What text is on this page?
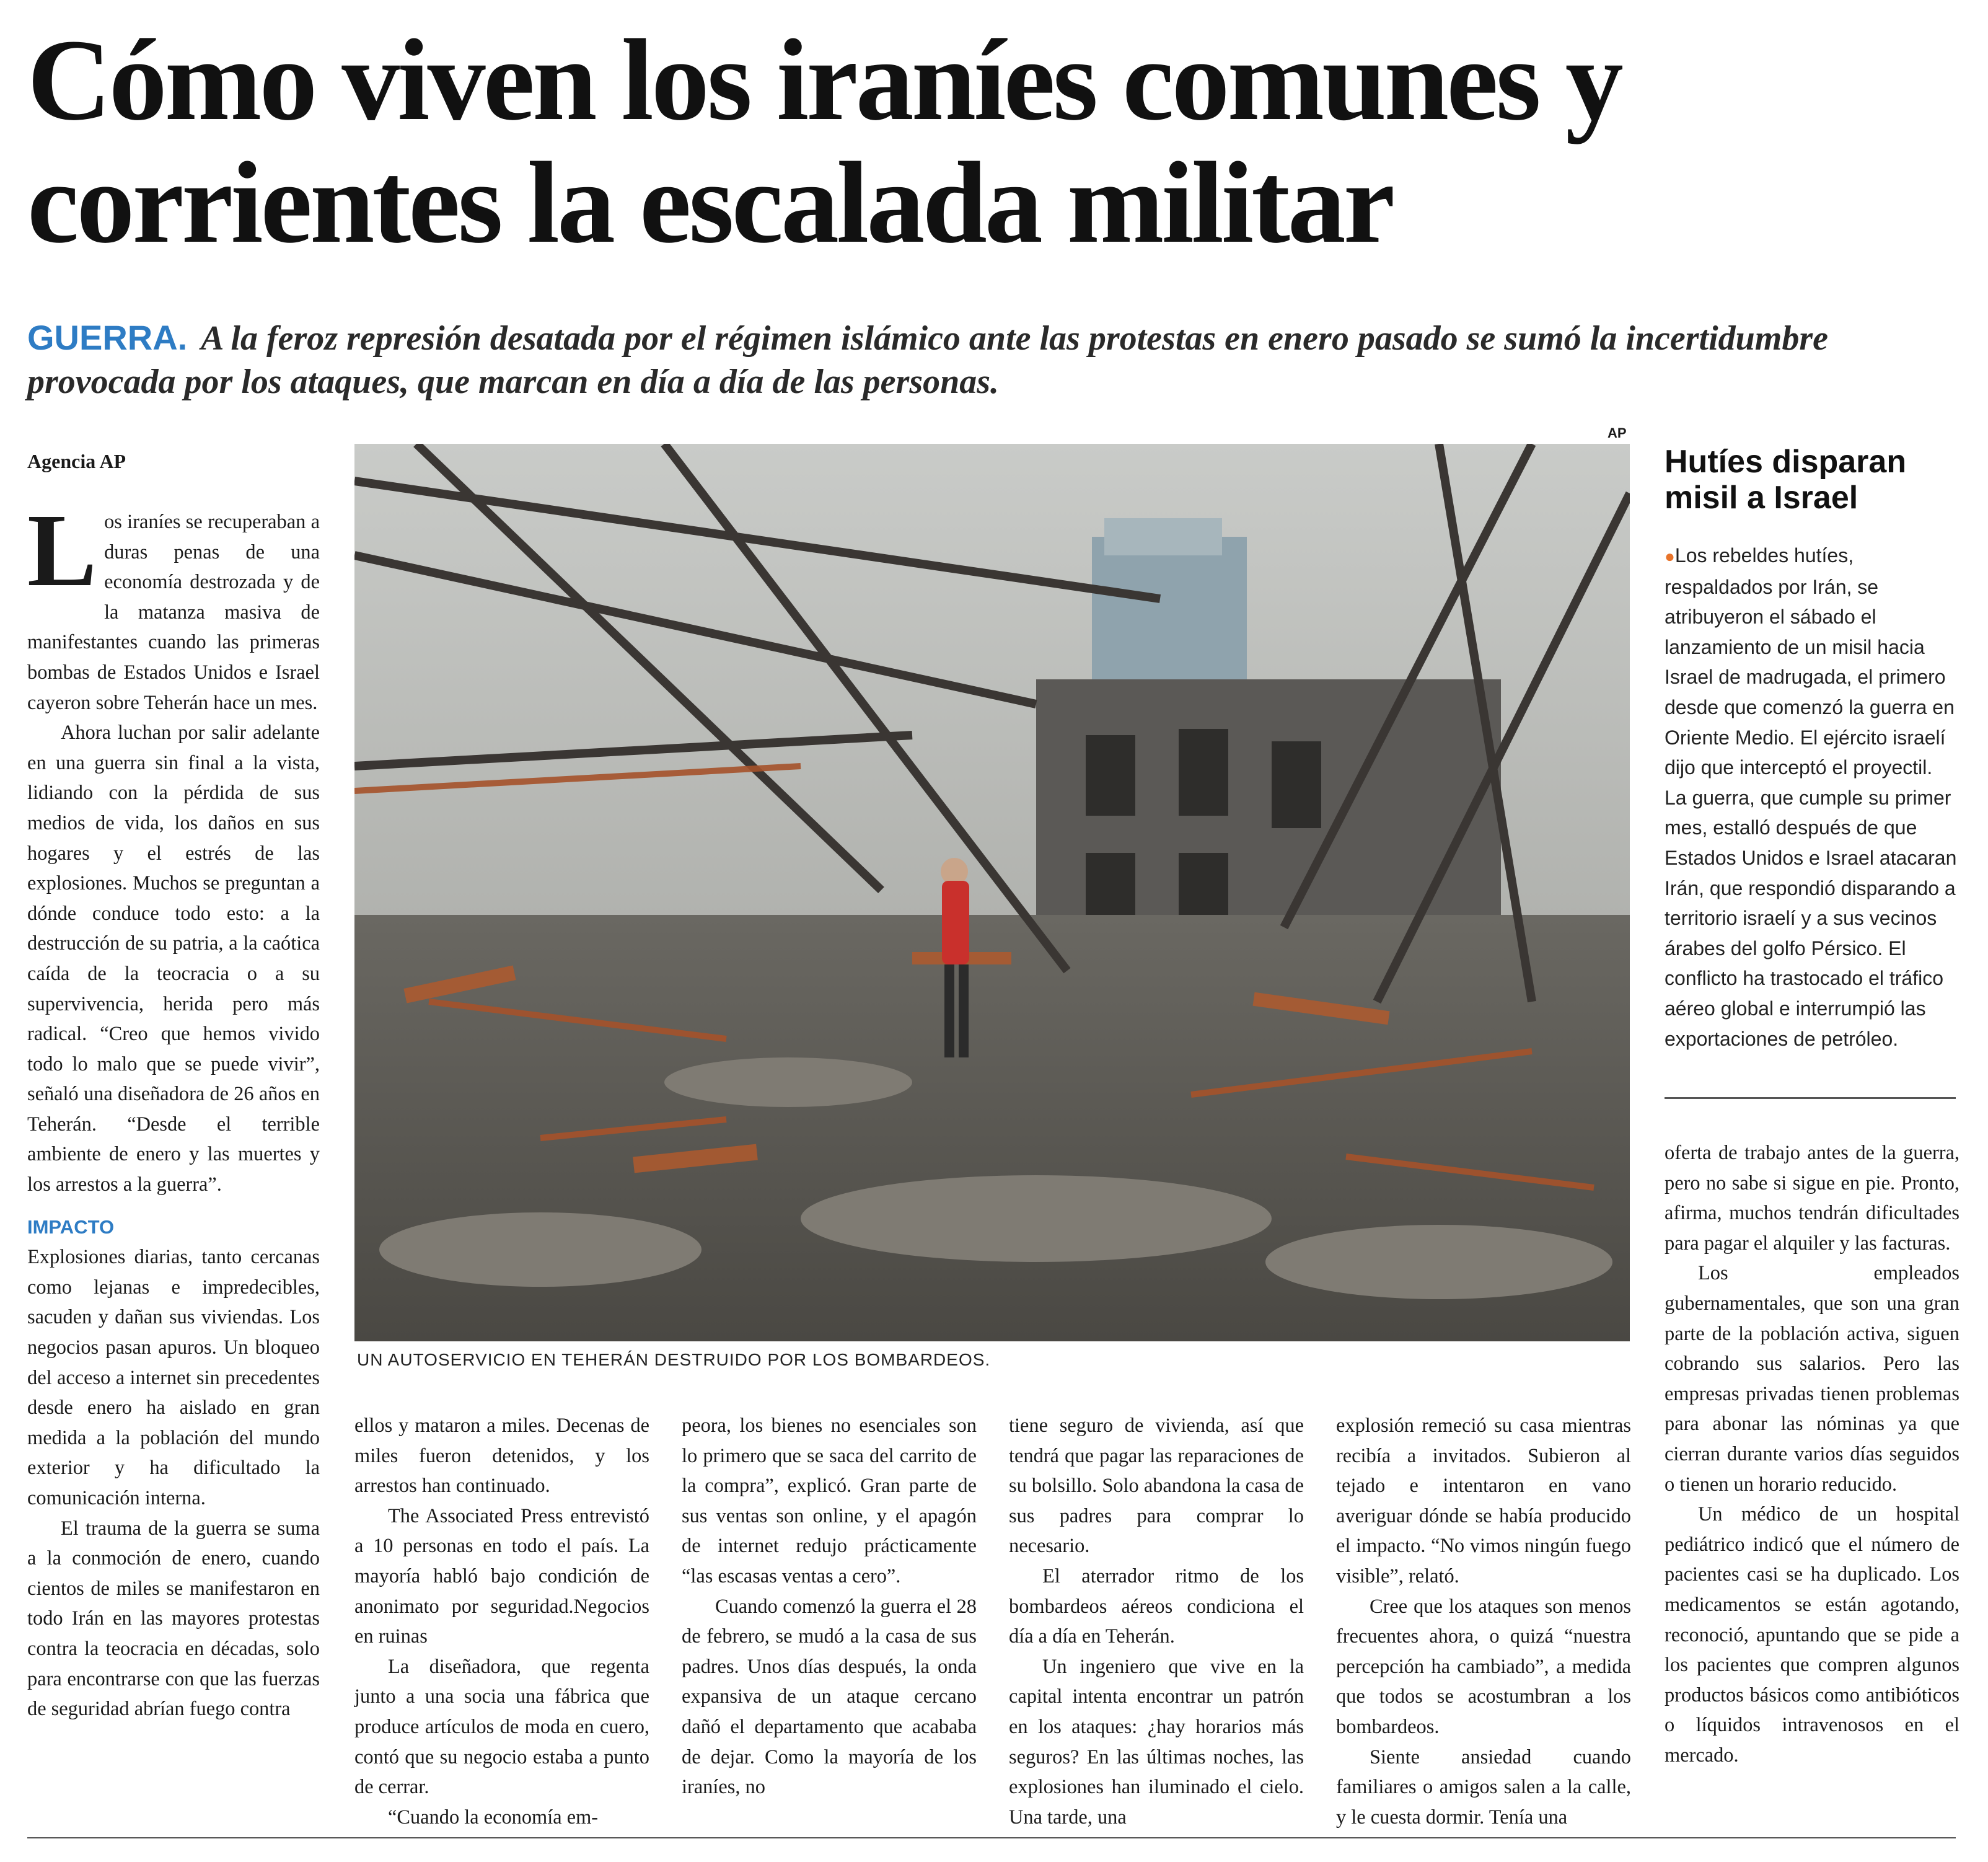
Cómo viven los iraníes comunes y
corrientes la escalada militar
GUERRA. A la feroz represión desatada por el régimen islámico ante las protestas en enero pasado se sumó la incertidumbre provocada por los ataques, que marcan en día a día de las personas.
Agencia AP

Los iraníes se recuperaban a duras penas de una economía destrozada y de la matanza masiva de manifestantes cuando las primeras bombas de Estados Unidos e Israel cayeron sobre Teherán hace un mes.

Ahora luchan por salir adelante en una guerra sin final a la vista, lidiando con la pérdida de sus medios de vida, los daños en sus hogares y el estrés de las explosiones. Muchos se preguntan a dónde conduce todo esto: a la destrucción de su patria, a la caótica caída de la teocracia o a su supervivencia, herida pero más radical. “Creo que hemos vivido todo lo malo que se puede vivir”, señaló una diseñadora de 26 años en Teherán. “Desde el terrible ambiente de enero y las muertes y los arrestos a la guerra”.

IMPACTO

Explosiones diarias, tanto cercanas como lejanas e impredecibles, sacuden y dañan sus viviendas. Los negocios pasan apuros. Un bloqueo del acceso a internet sin precedentes desde enero ha aislado en gran medida a la población del mundo exterior y ha dificultado la comunicación interna.

El trauma de la guerra se suma a la conmoción de enero, cuando cientos de miles se manifestaron en todo Irán en las mayores protestas contra la teocracia en décadas, solo para encontrarse con que las fuerzas de seguridad abrían fuego contra

AP
UN AUTOSERVICIO EN TEHERÁN DESTRUIDO POR LOS BOMBARDEOS.

ellos y mataron a miles. Decenas de miles fueron detenidos, y los arrestos han continuado.

The Associated Press entrevistó a 10 personas en todo el país. La mayoría habló bajo condición de anonimato por seguridad.Negocios en ruinas

La diseñadora, que regenta junto a una socia una fábrica que produce artículos de moda en cuero, contó que su negocio estaba a punto de cerrar.

“Cuando la economía em-

peora, los bienes no esenciales son lo primero que se saca del carrito de la compra”, explicó. Gran parte de sus ventas son online, y el apagón de internet redujo prácticamente “las escasas ventas a cero”.

Cuando comenzó la guerra el 28 de febrero, se mudó a la casa de sus padres. Unos días después, la onda expansiva de un ataque cercano dañó el departamento que acababa de dejar. Como la mayoría de los iraníes, no

tiene seguro de vivienda, así que tendrá que pagar las reparaciones de su bolsillo. Solo abandona la casa de sus padres para comprar lo necesario.

El aterrador ritmo de los bombardeos aéreos condiciona el día a día en Teherán.

Un ingeniero que vive en la capital intenta encontrar un patrón en los ataques: ¿hay horarios más seguros? En las últimas noches, las explosiones han iluminado el cielo. Una tarde, una

explosión remeció su casa mientras recibía a invitados. Subieron al tejado e intentaron en vano averiguar dónde se había producido el impacto. “No vimos ningún fuego visible”, relató.

Cree que los ataques son menos frecuentes ahora, o quizá “nuestra percepción ha cambiado”, a medida que todos se acostumbran a los bombardeos.

Siente ansiedad cuando familiares o amigos salen a la calle, y le cuesta dormir. Tenía una

Hutíes disparan misil a Israel
●Los rebeldes hutíes, respaldados por Irán, se atribuyeron el sábado el lanzamiento de un misil hacia Israel de madrugada, el primero desde que comenzó la guerra en Oriente Medio. El ejército israelí dijo que interceptó el proyectil. La guerra, que cumple su primer mes, estalló después de que Estados Unidos e Israel atacaran Irán, que respondió disparando a territorio israelí y a sus vecinos árabes del golfo Pérsico. El conflicto ha trastocado el tráfico aéreo global e interrumpió las exportaciones de petróleo.

oferta de trabajo antes de la guerra, pero no sabe si sigue en pie. Pronto, afirma, muchos tendrán dificultades para pagar el alquiler y las facturas.

Los empleados gubernamentales, que son una gran parte de la población activa, siguen cobrando sus salarios. Pero las empresas privadas tienen problemas para abonar las nóminas ya que cierran durante varios días seguidos o tienen un horario reducido.

Un médico de un hospital pediátrico indicó que el número de pacientes casi se ha duplicado. Los medicamentos se están agotando, reconoció, apuntando que se pide a los pacientes que compren algunos productos básicos como antibióticos o líquidos intravenosos en el mercado.
